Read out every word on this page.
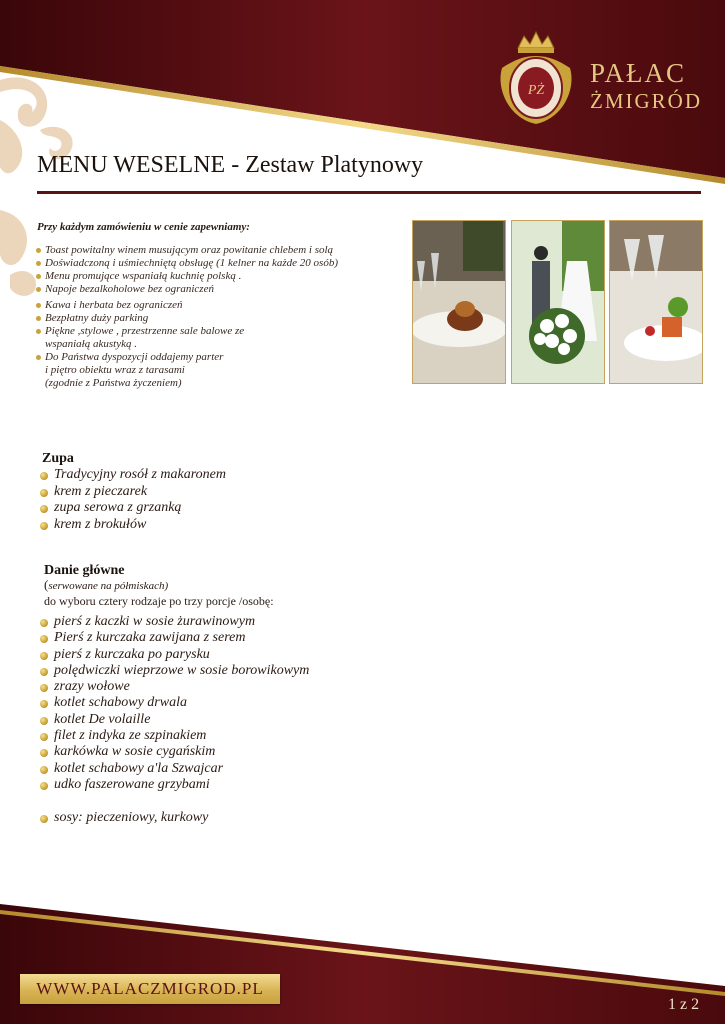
PŻ
PAŁAC
ŻMIGRÓD
MENU WESELNE - Zestaw Platynowy
Przy każdym zamówieniu w cenie zapewniamy:
Toast powitalny winem musującym oraz powitanie chlebem i solą
Doświadczoną i uśmiechniętą obsługę (1 kelner na każde 20 osób)
Menu promujące wspaniałą kuchnię polską .
Napoje bezalkoholowe bez ograniczeń
Kawa i herbata bez ograniczeń
Bezpłatny duży parking
Piękne ,stylowe , przestrzenne sale balowe ze
wspaniałą akustyką .
Do Państwa dyspozycji oddajemy parter
i piętro obiektu wraz z tarasami
(zgodnie z Państwa życzeniem)
Zupa
Tradycyjny rosół z makaronem
krem z pieczarek
zupa serowa z grzanką
krem z brokułów
Danie główne
(serwowane na półmiskach)
do wyboru cztery rodzaje po trzy porcje /osobę:
pierś z kaczki w sosie żurawinowym
Pierś z kurczaka zawijana z serem
pierś z kurczaka po parysku
polędwiczki wieprzowe w sosie borowikowym
zrazy wołowe
kotlet schabowy drwala
kotlet De volaille
filet z indyka ze szpinakiem
karkówka w sosie cygańskim
kotlet schabowy a'la Szwajcar
udko faszerowane grzybami
sosy: pieczeniowy, kurkowy
WWW.PALACZMIGROD.PL
1 z 2
